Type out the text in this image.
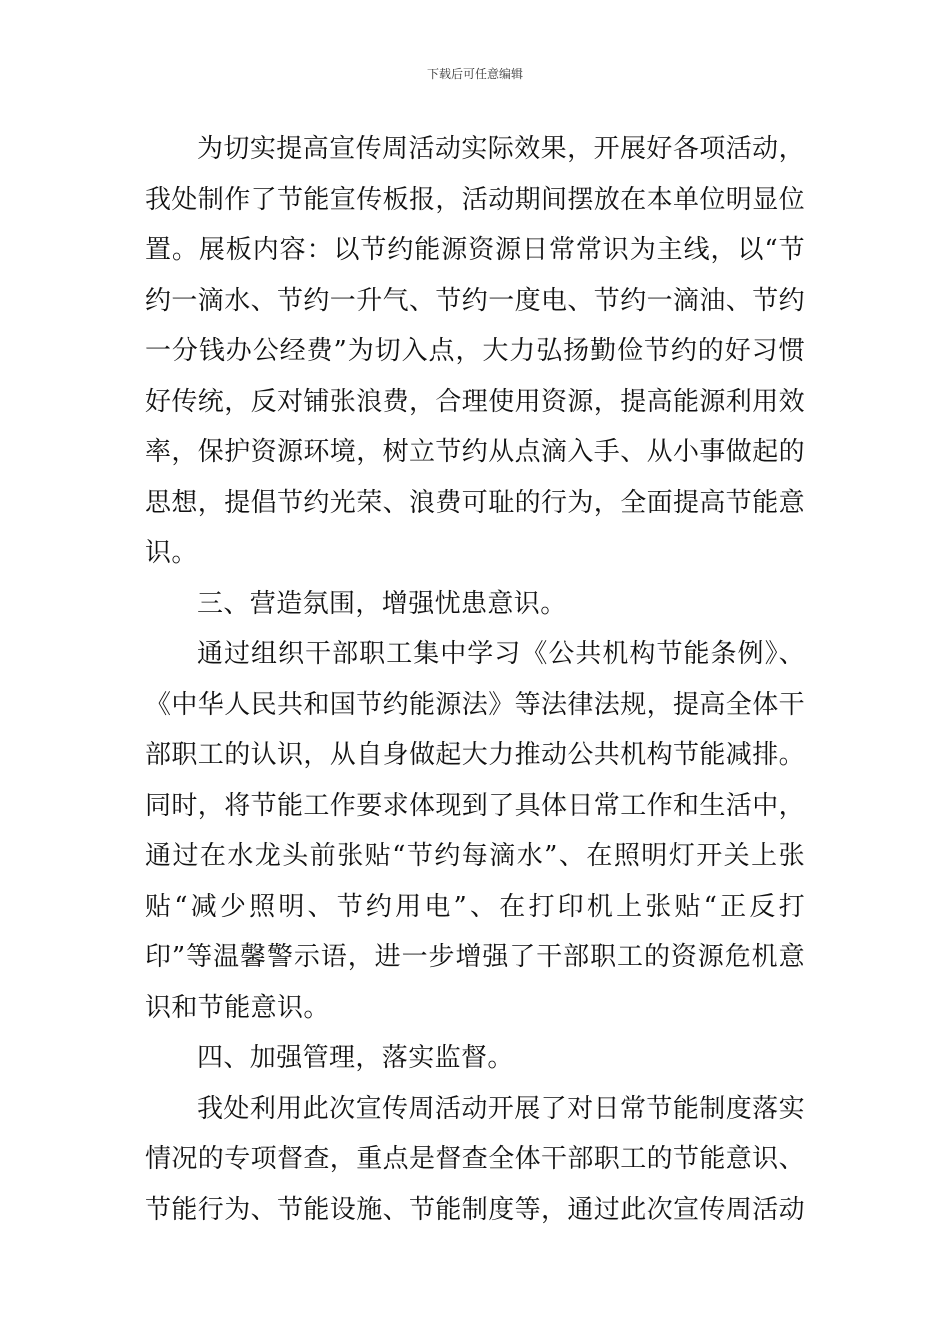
下载后可任意编辑

为切实提高宣传周活动实际效果，开展好各项活动，我处制作了节能宣传板报，活动期间摆放在本单位明显位置。展板内容：以节约能源资源日常常识为主线，以“节约一滴水、节约一升气、节约一度电、节约一滴油、节约一分钱办公经费”为切入点，大力弘扬勤俭节约的好习惯好传统，反对铺张浪费，合理使用资源，提高能源利用效率，保护资源环境，树立节约从点滴入手、从小事做起的思想，提倡节约光荣、浪费可耻的行为，全面提高节能意识。

三、营造氛围，增强忧患意识。

通过组织干部职工集中学习《公共机构节能条例》、《中华人民共和国节约能源法》等法律法规，提高全体干部职工的认识，从自身做起大力推动公共机构节能减排。同时，将节能工作要求体现到了具体日常工作和生活中，通过在水龙头前张贴“节约每滴水”、在照明灯开关上张贴“减少照明、节约用电”、在打印机上张贴“正反打印”等温馨警示语，进一步增强了干部职工的资源危机意识和节能意识。

四、加强管理，落实监督。

我处利用此次宣传周活动开展了对日常节能制度落实情况的专项督查，重点是督查全体干部职工的节能意识、节能行为、节能设施、节能制度等，通过此次宣传周活动
